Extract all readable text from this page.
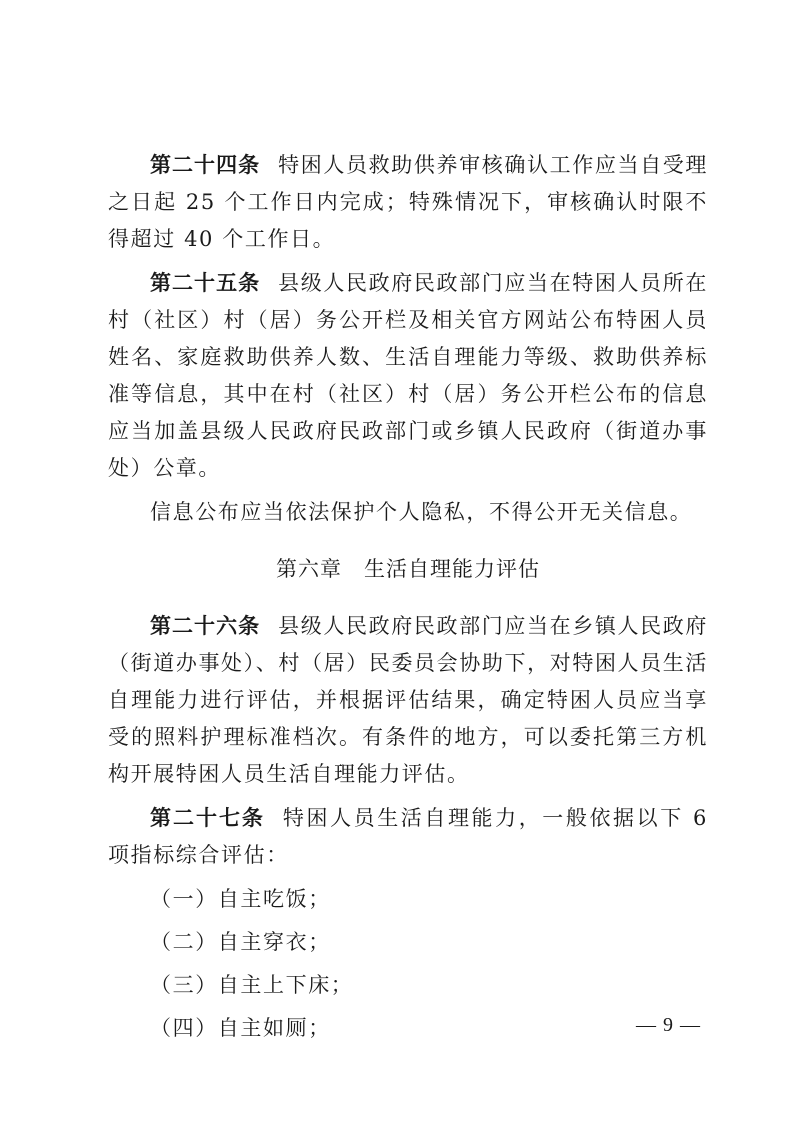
第二十四条 特困人员救助供养审核确认工作应当自受理之日起 25 个工作日内完成；特殊情况下，审核确认时限不得超过 40 个工作日。

第二十五条 县级人民政府民政部门应当在特困人员所在村（社区）村（居）务公开栏及相关官方网站公布特困人员姓名、家庭救助供养人数、生活自理能力等级、救助供养标准等信息，其中在村（社区）村（居）务公开栏公布的信息应当加盖县级人民政府民政部门或乡镇人民政府（街道办事处）公章。

信息公布应当依法保护个人隐私，不得公开无关信息。

第六章 生活自理能力评估

第二十六条 县级人民政府民政部门应当在乡镇人民政府（街道办事处）、村（居）民委员会协助下，对特困人员生活自理能力进行评估，并根据评估结果，确定特困人员应当享受的照料护理标准档次。有条件的地方，可以委托第三方机构开展特困人员生活自理能力评估。

第二十七条 特困人员生活自理能力，一般依据以下 6 项指标综合评估：

（一）自主吃饭；
（二）自主穿衣；
（三）自主上下床；
（四）自主如厕；	— 9 —
